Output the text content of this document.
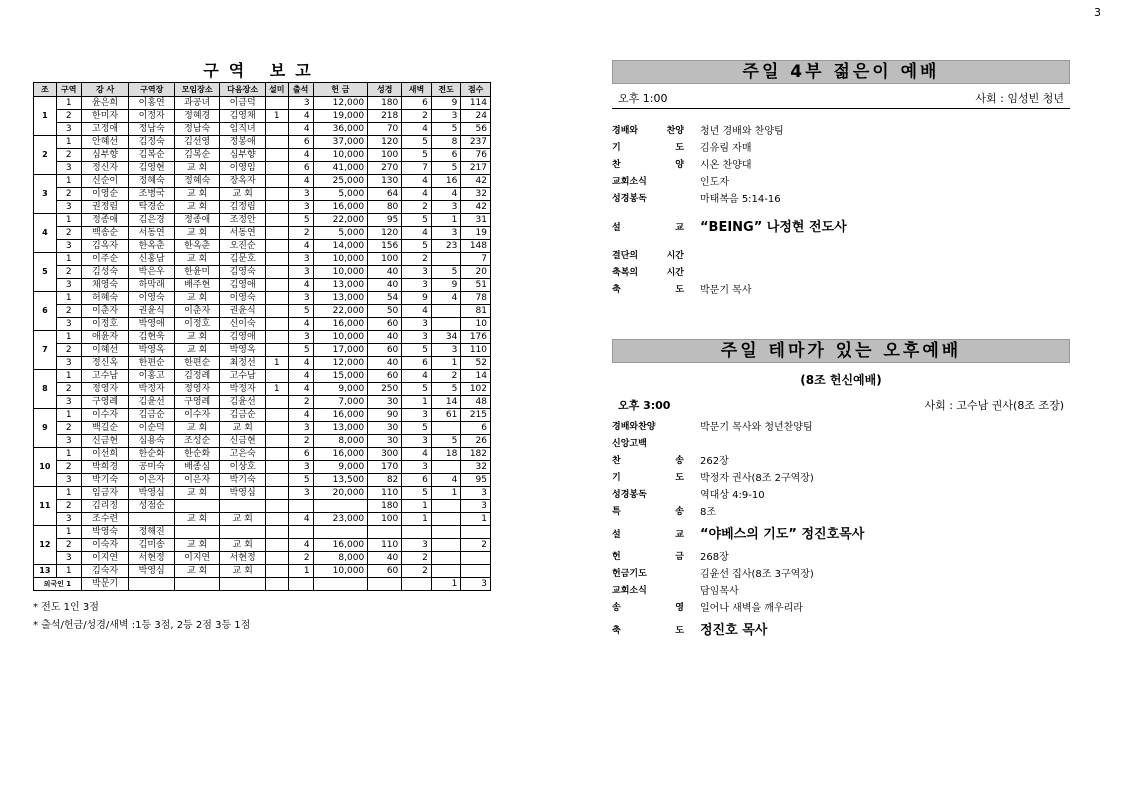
3
구역 보고
조	구역	강 사	구역장	모임장소	다음장소	설미	출석	헌 금	성경	새벽	전도	점수
1	1	윤은희	이홍연	과공녀	이금덕		3	12,000	180	6	9	114
	2	한미자	이정자	정혜경	김영채	1	4	19,000	218	2	3	24
	3	고정애	정남숙	정남숙	임직녀		4	36,000	70	4	5	56
2	1	안혜선	김정숙	김선영	정봉애		6	37,000	120	5	8	237
	2	심부향	김복순	김복순	심부향		4	10,000	100	5	6	76
	3	정신자	김영현	교 회	이영임		6	41,000	270	7	5	217
3	1	신순이	정혜숙	정혜숙	장옥자		4	25,000	130	4	16	42
	2	이영순	조병국	교 회	교 회		3	5,000	64	4	4	32
	3	권정림	탁경순	교 회	김정림		3	16,000	80	2	3	42
4	1	정종애	김은경	정종애	조정안		5	22,000	95	5	1	31
	2	백송순	서동연	교 회	서동연		2	5,000	120	4	3	19
	3	김옥자	한옥춘	한옥춘	오진순		4	14,000	156	5	23	148
5	1	이주순	신홍남	교 회	김문호		3	10,000	100	2		7
	2	김성숙	박은우	한윤미	김영숙		3	10,000	40	3	5	20
	3	채영숙	하막래	배주현	김영애		4	13,000	40	3	9	51
6	1	허혜숙	이영숙	교 회	이영숙		3	13,000	54	9	4	78
	2	이춘자	권윤식	이춘자	권윤식		5	22,000	50	4		81
	3	이정호	박영애	이정호	신이숙		4	16,000	60	3		10
7	1	애윤자	김현욱	교 회	김영애		3	10,000	40	3	34	176
	2	이혜선	박영옥	교 회	박영옥		5	17,000	60	5	3	110
	3	정신옥	한편순	한편순	최정선	1	4	12,000	40	6	1	52
8	1	고수남	이홍고	김정례	고수남		4	15,000	60	4	2	14
	2	정영자	박정자	정영자	박정자	1	4	9,000	250	5	5	102
	3	구영례	김윤선	구영례	김윤선		2	7,000	30	1	14	48
9	1	이수자	김금순	이수자	김금순		4	16,000	90	3	61	215
	2	백길순	이순덕	교 회	교 회		3	13,000	30	5		6
	3	신금현	심용숙	조성순	신금현		2	8,000	30	3	5	26
10	1	이선희	한순화	한순화	고은숙		6	16,000	300	4	18	182
	2	박희경	공미숙	배종심	이상호		3	9,000	170	3		32
	3	박기숙	이은자	이은자	박기숙		5	13,500	82	6	4	95
11	1	임금자	박영심	교 회	박영심		3	20,000	110	5	1	3
	2	김리정	성점순						180	1		3
	3	조수련		교 회	교 회		4	23,000	100	1		1
12	1	박영숙	정해진									
	2	이숙자	김미송	교 회	교 회		4	16,000	110	3		2
	3	이지연	서현정	이지연	서현정		2	8,000	40	2		
13	1	김숙자	박영심	교 회	교 회		1	10,000	60	2		
외국인 1		박문기									1	3
* 전도 1인 3점
* 출석/헌금/성경/새벽 :1등 3점, 2등 2점 3등 1점
주일 4부 젊은이 예배
오후 1:00	사회 : 임성빈 청년
경배와	찬양 청년 경배와 찬양팀
기	도 김유림 자매
찬	양 시온 찬양대
교회소식	인도자
성경봉독	마태복음 5:14-16
설	교 “BEING” 나정현 전도사
결단의	시간
축복의	시간
축	도 박문기 목사
주일 테마가 있는 오후예배
(8조 헌신예배)
오후 3:00	사회 : 고수남 권사(8조 조장)
경배와찬양	박문기 목사와 청년찬양팀
신앙고백
찬	송 262장
기	도 박정자 권사(8조 2구역장)
성경봉독	역대상 4:9-10
특	송 8조
설	교 “야베스의 기도” 정진호목사
헌	금 268장
헌금기도	김윤선 집사(8조 3구역장)
교회소식	담임목사
송	영 일어나 새벽을 깨우리라
축	도 정진호 목사
